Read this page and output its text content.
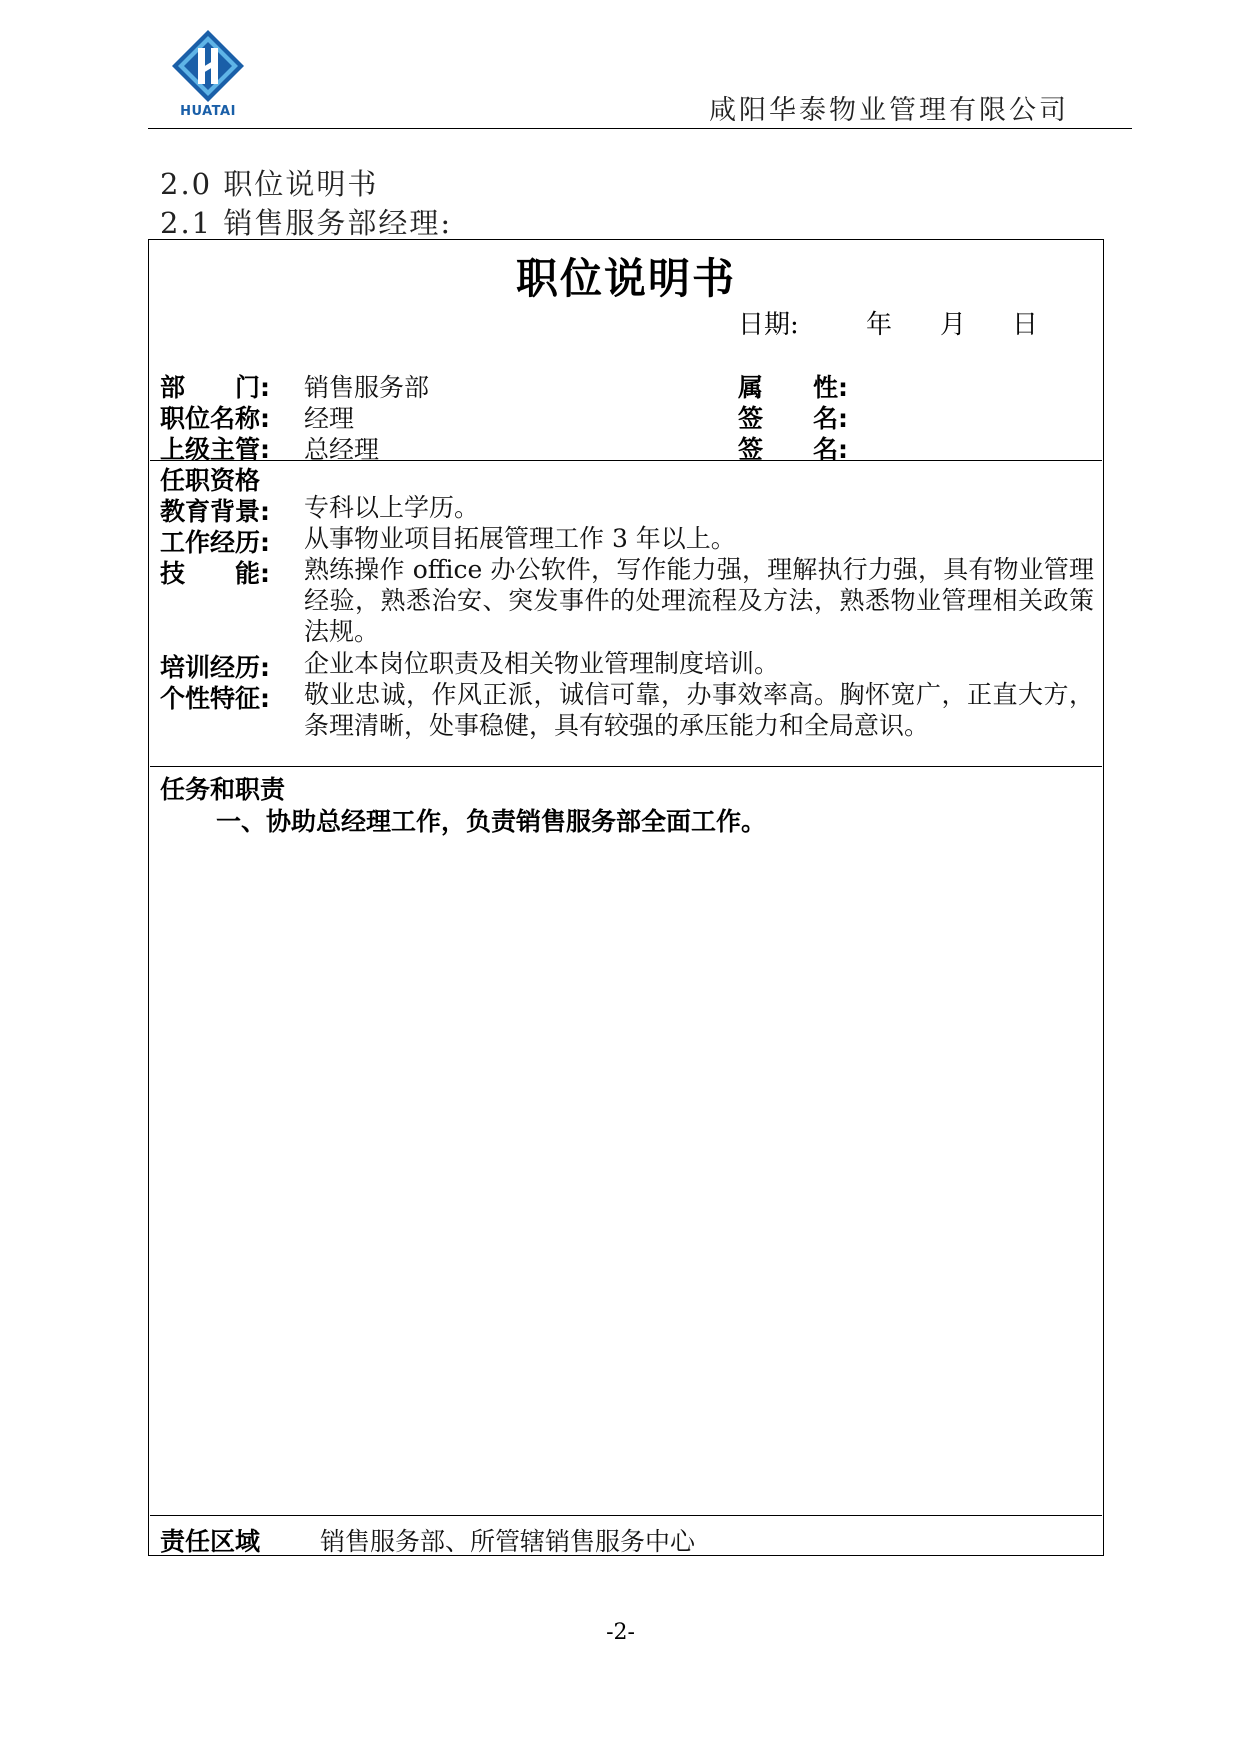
HUATAI	咸阳华泰物业管理有限公司
2.0 职位说明书
2.1 销售服务部经理:
职位说明书
日期:	年 月 日
部　　门: 销售服务部	属　　性:
职位名称: 经理	签　　名:
上级主管: 总经理	签　　名:
任职资格
教育背景: 专科以上学历。
工作经历: 从事物业项目拓展管理工作 3 年以上。
技　　能: 熟练操作 office 办公软件，写作能力强，理解执行力强，具有物业管理经验，熟悉治安、突发事件的处理流程及方法，熟悉物业管理相关政策法规。
培训经历: 企业本岗位职责及相关物业管理制度培训。
个性特征: 敬业忠诚，作风正派，诚信可靠，办事效率高。胸怀宽广，正直大方，条理清晰，处事稳健，具有较强的承压能力和全局意识。
任务和职责
一、协助总经理工作，负责销售服务部全面工作。
责任区域 销售服务部、所管辖销售服务中心
-2-
